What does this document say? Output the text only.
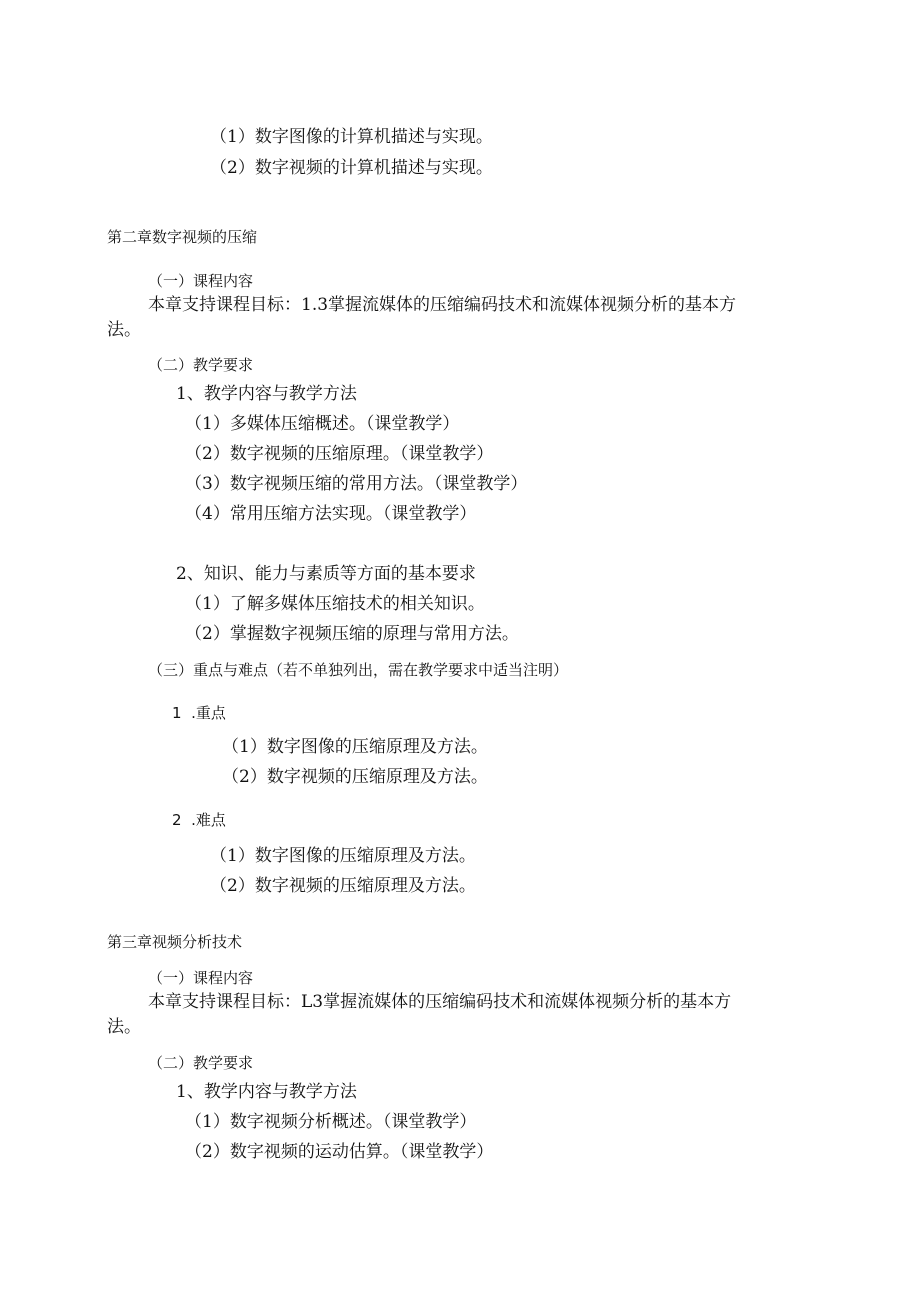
（1）数字图像的计算机描述与实现。
（2）数字视频的计算机描述与实现。
第二章数字视频的压缩
（一）课程内容
本章支持课程目标：1.3掌握流媒体的压缩编码技术和流媒体视频分析的基本方
法。
（二）教学要求
1、教学内容与教学方法
（1）多媒体压缩概述。（课堂教学）
（2）数字视频的压缩原理。（课堂教学）
（3）数字视频压缩的常用方法。（课堂教学）
（4）常用压缩方法实现。（课堂教学）
2、知识、能力与素质等方面的基本要求
（1）了解多媒体压缩技术的相关知识。
（2）掌握数字视频压缩的原理与常用方法。
（三）重点与难点（若不单独列出，需在教学要求中适当注明）
1  .重点
（1）数字图像的压缩原理及方法。
（2）数字视频的压缩原理及方法。
2  .难点
（1）数字图像的压缩原理及方法。
（2）数字视频的压缩原理及方法。
第三章视频分析技术
（一）课程内容
本章支持课程目标：L3掌握流媒体的压缩编码技术和流媒体视频分析的基本方
法。
（二）教学要求
1、教学内容与教学方法
（1）数字视频分析概述。（课堂教学）
（2）数字视频的运动估算。（课堂教学）
